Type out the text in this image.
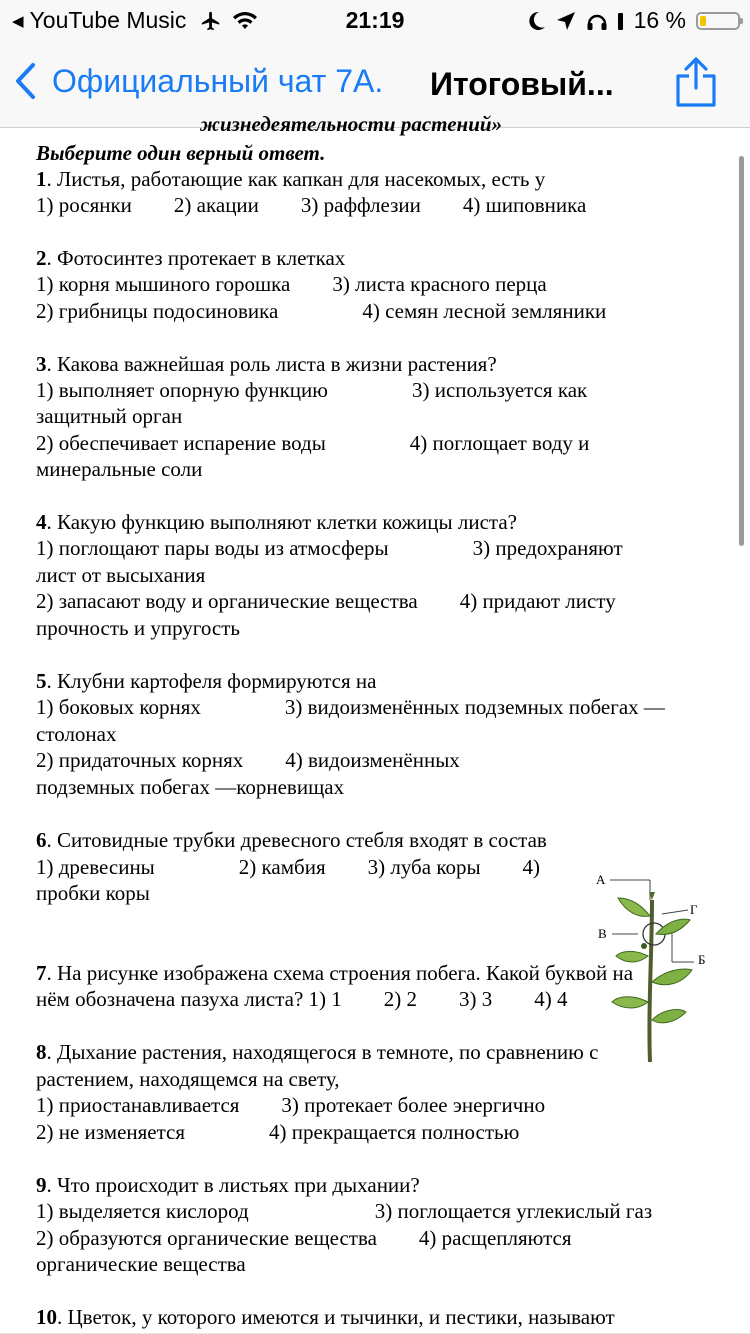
◀ YouTube Music	21:19	16 %
Официальный чат 7А. Итоговый...
жизнедеятельности растений»

Выберите один верный ответ.

1. Листья, работающие как капкан для насекомых, есть у

1) росянки        2) акации        3) раффлезии        4) шиповника

2. Фотосинтез протекает в клетках

1) корня мышиного горошка        3) листа красного перца

2) грибницы подосиновика                4) семян лесной земляники

3. Какова важнейшая роль листа в жизни растения?

1) выполняет опорную функцию                3) используется как

защитный орган

2) обеспечивает испарение воды                4) поглощает воду и

минеральные соли

4. Какую функцию выполняют клетки кожицы листа?

1) поглощают пары воды из атмосферы                3) предохраняют

лист от высыхания

2) запасают воду и органические вещества        4) придают листу

прочность и упругость

5. Клубни картофеля формируются на

1) боковых корнях                3) видоизменённых подземных побегах —

столонах

2) придаточных корнях        4) видоизменённых

подземных побегах —корневищах

6. Ситовидные трубки древесного стебля входят в состав

1) древесины                2) камбия        3) луба коры        4)

пробки коры

7. На рисунке изображена схема строения побега. Какой буквой на

нём обозначена пазуха листа? 1) 1        2) 2        3) 3        4) 4

8. Дыхание растения, находящегося в темноте, по сравнению с

растением, находящемся на свету,

1) приостанавливается        3) протекает более энергично

2) не изменяется                4) прекращается полностью

9. Что происходит в листьях при дыхании?

1) выделяется кислород                        3) поглощается углекислый газ

2) образуются органические вещества        4) расщепляются

органические вещества

10. Цветок, у которого имеются и тычинки, и пестики, называют

А
Г
В
Б
